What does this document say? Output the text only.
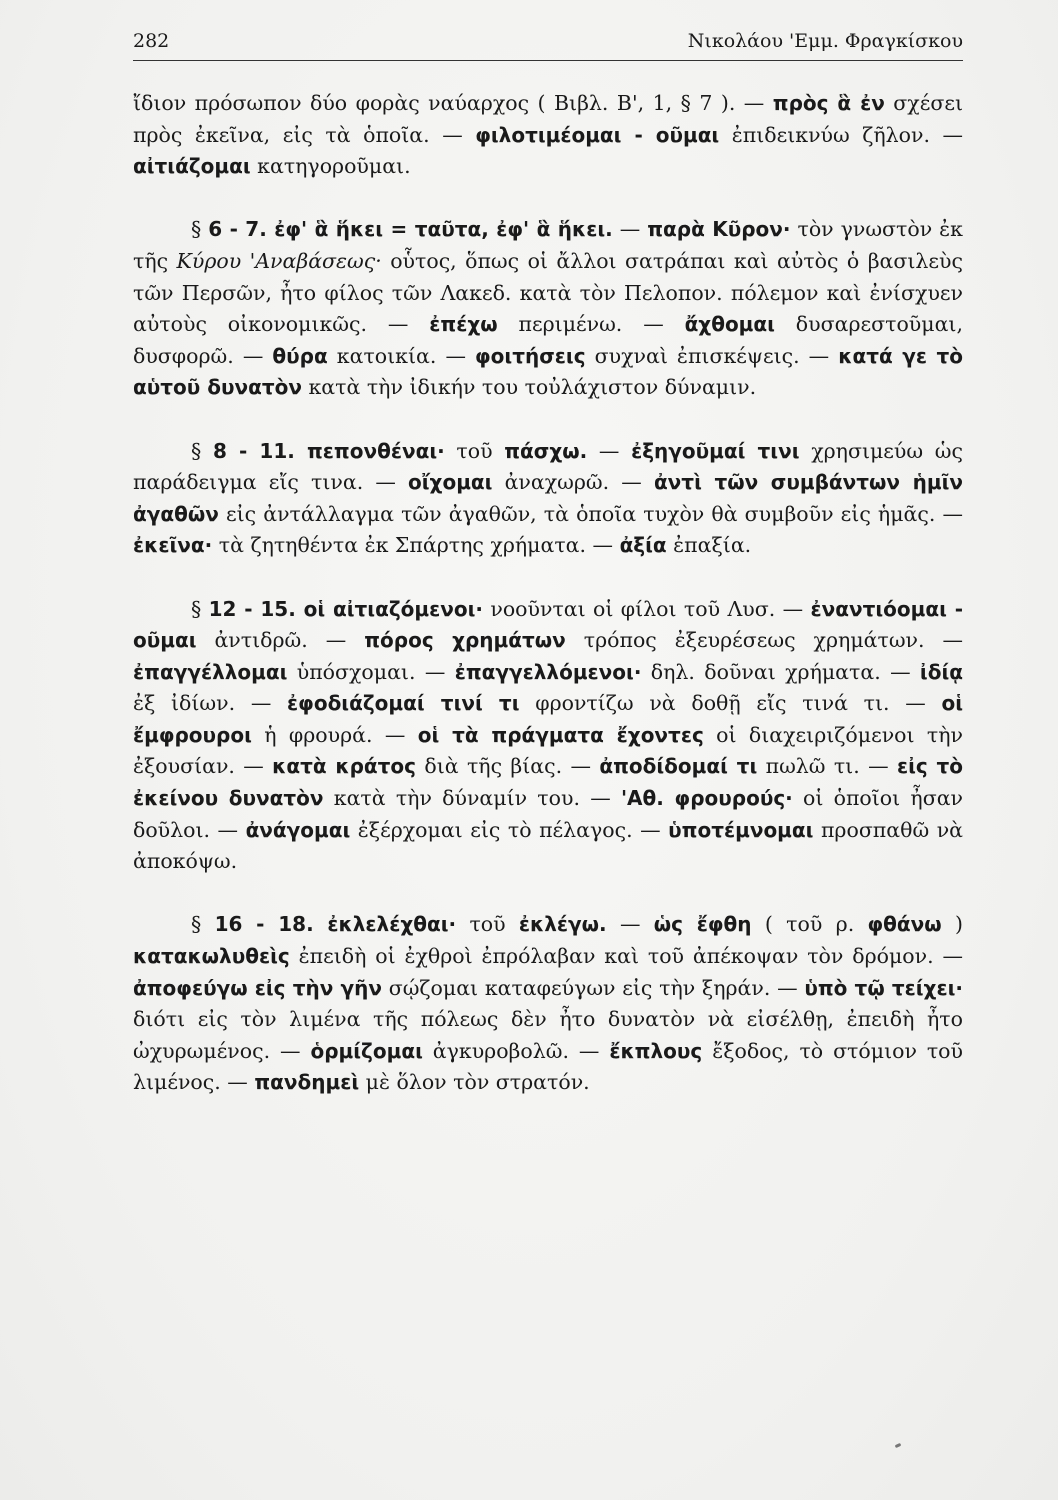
282	Νικολάου 'Εμμ. Φραγκίσκου

ἴδιον πρόσωπον δύο φορὰς ναύαρχος ( Βιβλ. Β', 1, § 7 ). — πρὸς ἃ ἐν σχέσει πρὸς ἐκεῖνα, εἰς τὰ ὁποῖα. — φιλοτιμέομαι - οῦμαι ἐπιδεικνύω ζῆλον. — αἰτιάζομαι κατηγοροῦμαι.

§ 6 - 7. ἐφ' ἃ ἥκει = ταῦτα, ἐφ' ἃ ἥκει. — παρὰ Κῦρον· τὸν γνωστὸν ἐκ τῆς Κύρου 'Αναβάσεως· οὗτος, ὅπως οἱ ἄλλοι σατράπαι καὶ αὐτὸς ὁ βασιλεὺς τῶν Περσῶν, ἦτο φίλος τῶν Λακεδ. κατὰ τὸν Πελοπον. πόλεμον καὶ ἐνίσχυεν αὐτοὺς οἰκονομικῶς. — ἐπέχω περιμένω. — ἄχθομαι δυσαρεστοῦμαι, δυσφορῶ. — θύρα κατοικία. — φοιτήσεις συχναὶ ἐπισκέψεις. — κατά γε τὸ αὑτοῦ δυνατὸν κατὰ τὴν ἰδικήν του τοὐλάχιστον δύναμιν.

§ 8 - 11. πεπονθέναι· τοῦ πάσχω. — ἐξηγοῦμαί τινι χρησιμεύω ὡς παράδειγμα εἴς τινα. — οἴχομαι ἀναχωρῶ. — ἀντὶ τῶν συμβάντων ἡμῖν ἀγαθῶν εἰς ἀντάλλαγμα τῶν ἀγαθῶν, τὰ ὁποῖα τυχὸν θὰ συμβοῦν εἰς ἡμᾶς. — ἐκεῖνα· τὰ ζητηθέντα ἐκ Σπάρτης χρήματα. — ἀξία ἐπαξία.

§ 12 - 15. οἱ αἰτιαζόμενοι· νοοῦνται οἱ φίλοι τοῦ Λυσ. — ἐναντιόομαι - οῦμαι ἀντιδρῶ. — πόρος χρημάτων τρόπος ἐξευρέσεως χρημάτων. — ἐπαγγέλλομαι ὑπόσχομαι. — ἐπαγγελλόμενοι· δηλ. δοῦναι χρήματα. — ἰδίᾳ ἐξ ἰδίων. — ἐφοδιάζομαί τινί τι φροντίζω νὰ δοθῇ εἴς τινά τι. — οἱ ἔμφρουροι ἡ φρουρά. — οἱ τὰ πράγματα ἔχοντες οἱ διαχειριζόμενοι τὴν ἐξουσίαν. — κατὰ κράτος διὰ τῆς βίας. — ἀποδίδομαί τι πωλῶ τι. — εἰς τὸ ἐκείνου δυνατὸν κατὰ τὴν δύναμίν του. — 'Αθ. φρουρούς· οἱ ὁποῖοι ἦσαν δοῦλοι. — ἀνάγομαι ἐξέρχομαι εἰς τὸ πέλαγος. — ὑποτέμνομαι προσπαθῶ νὰ ἀποκόψω.

§ 16 - 18. ἐκλελέχθαι· τοῦ ἐκλέγω. — ὡς ἔφθη ( τοῦ ρ. φθάνω ) κατακωλυθεὶς ἐπειδὴ οἱ ἐχθροὶ ἐπρόλαβαν καὶ τοῦ ἀπέκοψαν τὸν δρόμον. — ἀποφεύγω εἰς τὴν γῆν σῴζομαι καταφεύγων εἰς τὴν ξηράν. — ὑπὸ τῷ τείχει· διότι εἰς τὸν λιμένα τῆς πόλεως δὲν ἦτο δυνατὸν νὰ εἰσέλθῃ, ἐπειδὴ ἦτο ὠχυρωμένος. — ὁρμίζομαι ἀγκυροβολῶ. — ἔκπλους ἔξοδος, τὸ στόμιον τοῦ λιμένος. — πανδημεὶ μὲ ὅλον τὸν στρατόν.
